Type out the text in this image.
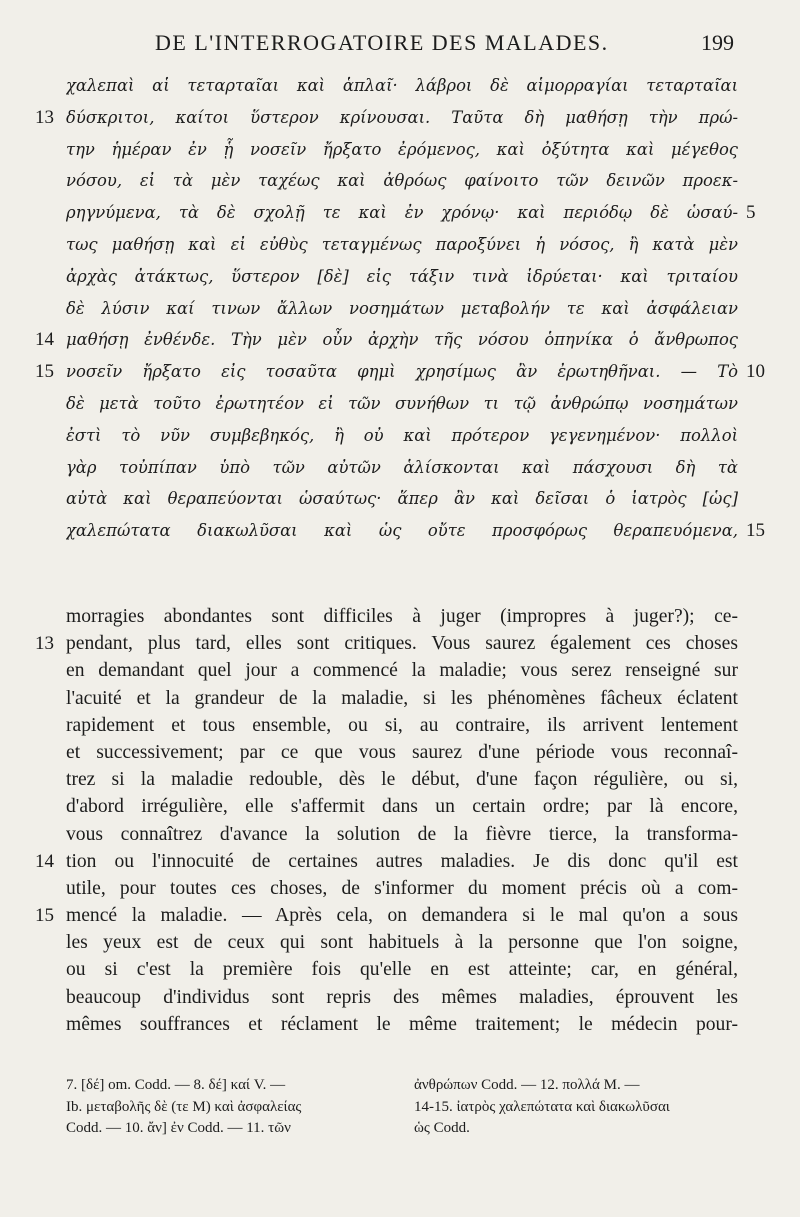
DE L'INTERROGATOIRE DES MALADES.	199
χαλεπαὶ αἱ τεταρταῖαι καὶ ἁπλαῖ· λάβροι δὲ αἱμορραγίαι τεταρταῖαι
δύσκριτοι, καίτοι ὕστερον κρίνουσαι. Ταῦτα δὴ μαθήσῃ τὴν πρώ-
την ἡμέραν ἐν ᾗ νοσεῖν ἤρξατο ἐρόμενος, καὶ ὀξύτητα καὶ μέγεθος
νόσου, εἰ τὰ μὲν ταχέως καὶ ἀθρόως φαίνοιτο τῶν δεινῶν προεκ-
ρηγνύμενα, τὰ δὲ σχολῇ τε καὶ ἐν χρόνῳ· καὶ περιόδῳ δὲ ὡσαύ-
τως μαθήσῃ καὶ εἰ εὐθὺς τεταγμένως παροξύνει ἡ νόσος, ἢ κατὰ μὲν
ἀρχὰς ἀτάκτως, ὕστερον [δὲ] εἰς τάξιν τινὰ ἱδρύεται· καὶ τριταίου
δὲ λύσιν καί τινων ἄλλων νοσημάτων μεταβολήν τε καὶ ἀσφάλειαν
μαθήσῃ ἐνθένδε. Τὴν μὲν οὖν ἀρχὴν τῆς νόσου ὁπηνίκα ὁ ἄνθρωπος
νοσεῖν ἤρξατο εἰς τοσαῦτα φημὶ χρησίμως ἂν ἐρωτηθῆναι. — Τὸ
δὲ μετὰ τοῦτο ἐρωτητέον εἰ τῶν συνήθων τι τῷ ἀνθρώπῳ νοσημάτων
ἐστὶ τὸ νῦν συμβεβηκός, ἢ οὐ καὶ πρότερον γεγενημένον· πολλοὶ
γὰρ τοὐπίπαν ὑπὸ τῶν αὐτῶν ἁλίσκονται καὶ πάσχουσι δὴ τὰ
αὐτὰ καὶ θεραπεύονται ὡσαύτως· ἅπερ ἂν καὶ δεῖσαι ὁ ἰατρὸς [ὡς]
χαλεπώτατα διακωλῦσαι καὶ ὡς οὔτε προσφόρως θεραπευόμενα,
13
14
15
5
10
15
morragies abondantes sont difficiles à juger (impropres à juger?); ce-
pendant, plus tard, elles sont critiques. Vous saurez également ces choses
en demandant quel jour a commencé la maladie; vous serez renseigné sur
l'acuité et la grandeur de la maladie, si les phénomènes fâcheux éclatent
rapidement et tous ensemble, ou si, au contraire, ils arrivent lentement
et successivement; par ce que vous saurez d'une période vous reconnaî-
trez si la maladie redouble, dès le début, d'une façon régulière, ou si,
d'abord irrégulière, elle s'affermit dans un certain ordre; par là encore,
vous connaîtrez d'avance la solution de la fièvre tierce, la transforma-
tion ou l'innocuité de certaines autres maladies. Je dis donc qu'il est
utile, pour toutes ces choses, de s'informer du moment précis où a com-
mencé la maladie. — Après cela, on demandera si le mal qu'on a sous
les yeux est de ceux qui sont habituels à la personne que l'on soigne,
ou si c'est la première fois qu'elle en est atteinte; car, en général,
beaucoup d'individus sont repris des mêmes maladies, éprouvent les
mêmes souffrances et réclament le même traitement; le médecin pour-
13
14
15
7. [δέ] om. Codd. — 8. δέ] καί V. —
Ib. μεταβολῆς δὲ (τε M) καὶ ἀσφαλείας
Codd. — 10. ἄν] ἐν Codd. — 11. τῶν
ἀνθρώπων Codd. — 12. πολλά M. —
14-15. ἰατρὸς χαλεπώτατα καὶ διακωλῦσαι
ὡς Codd.
